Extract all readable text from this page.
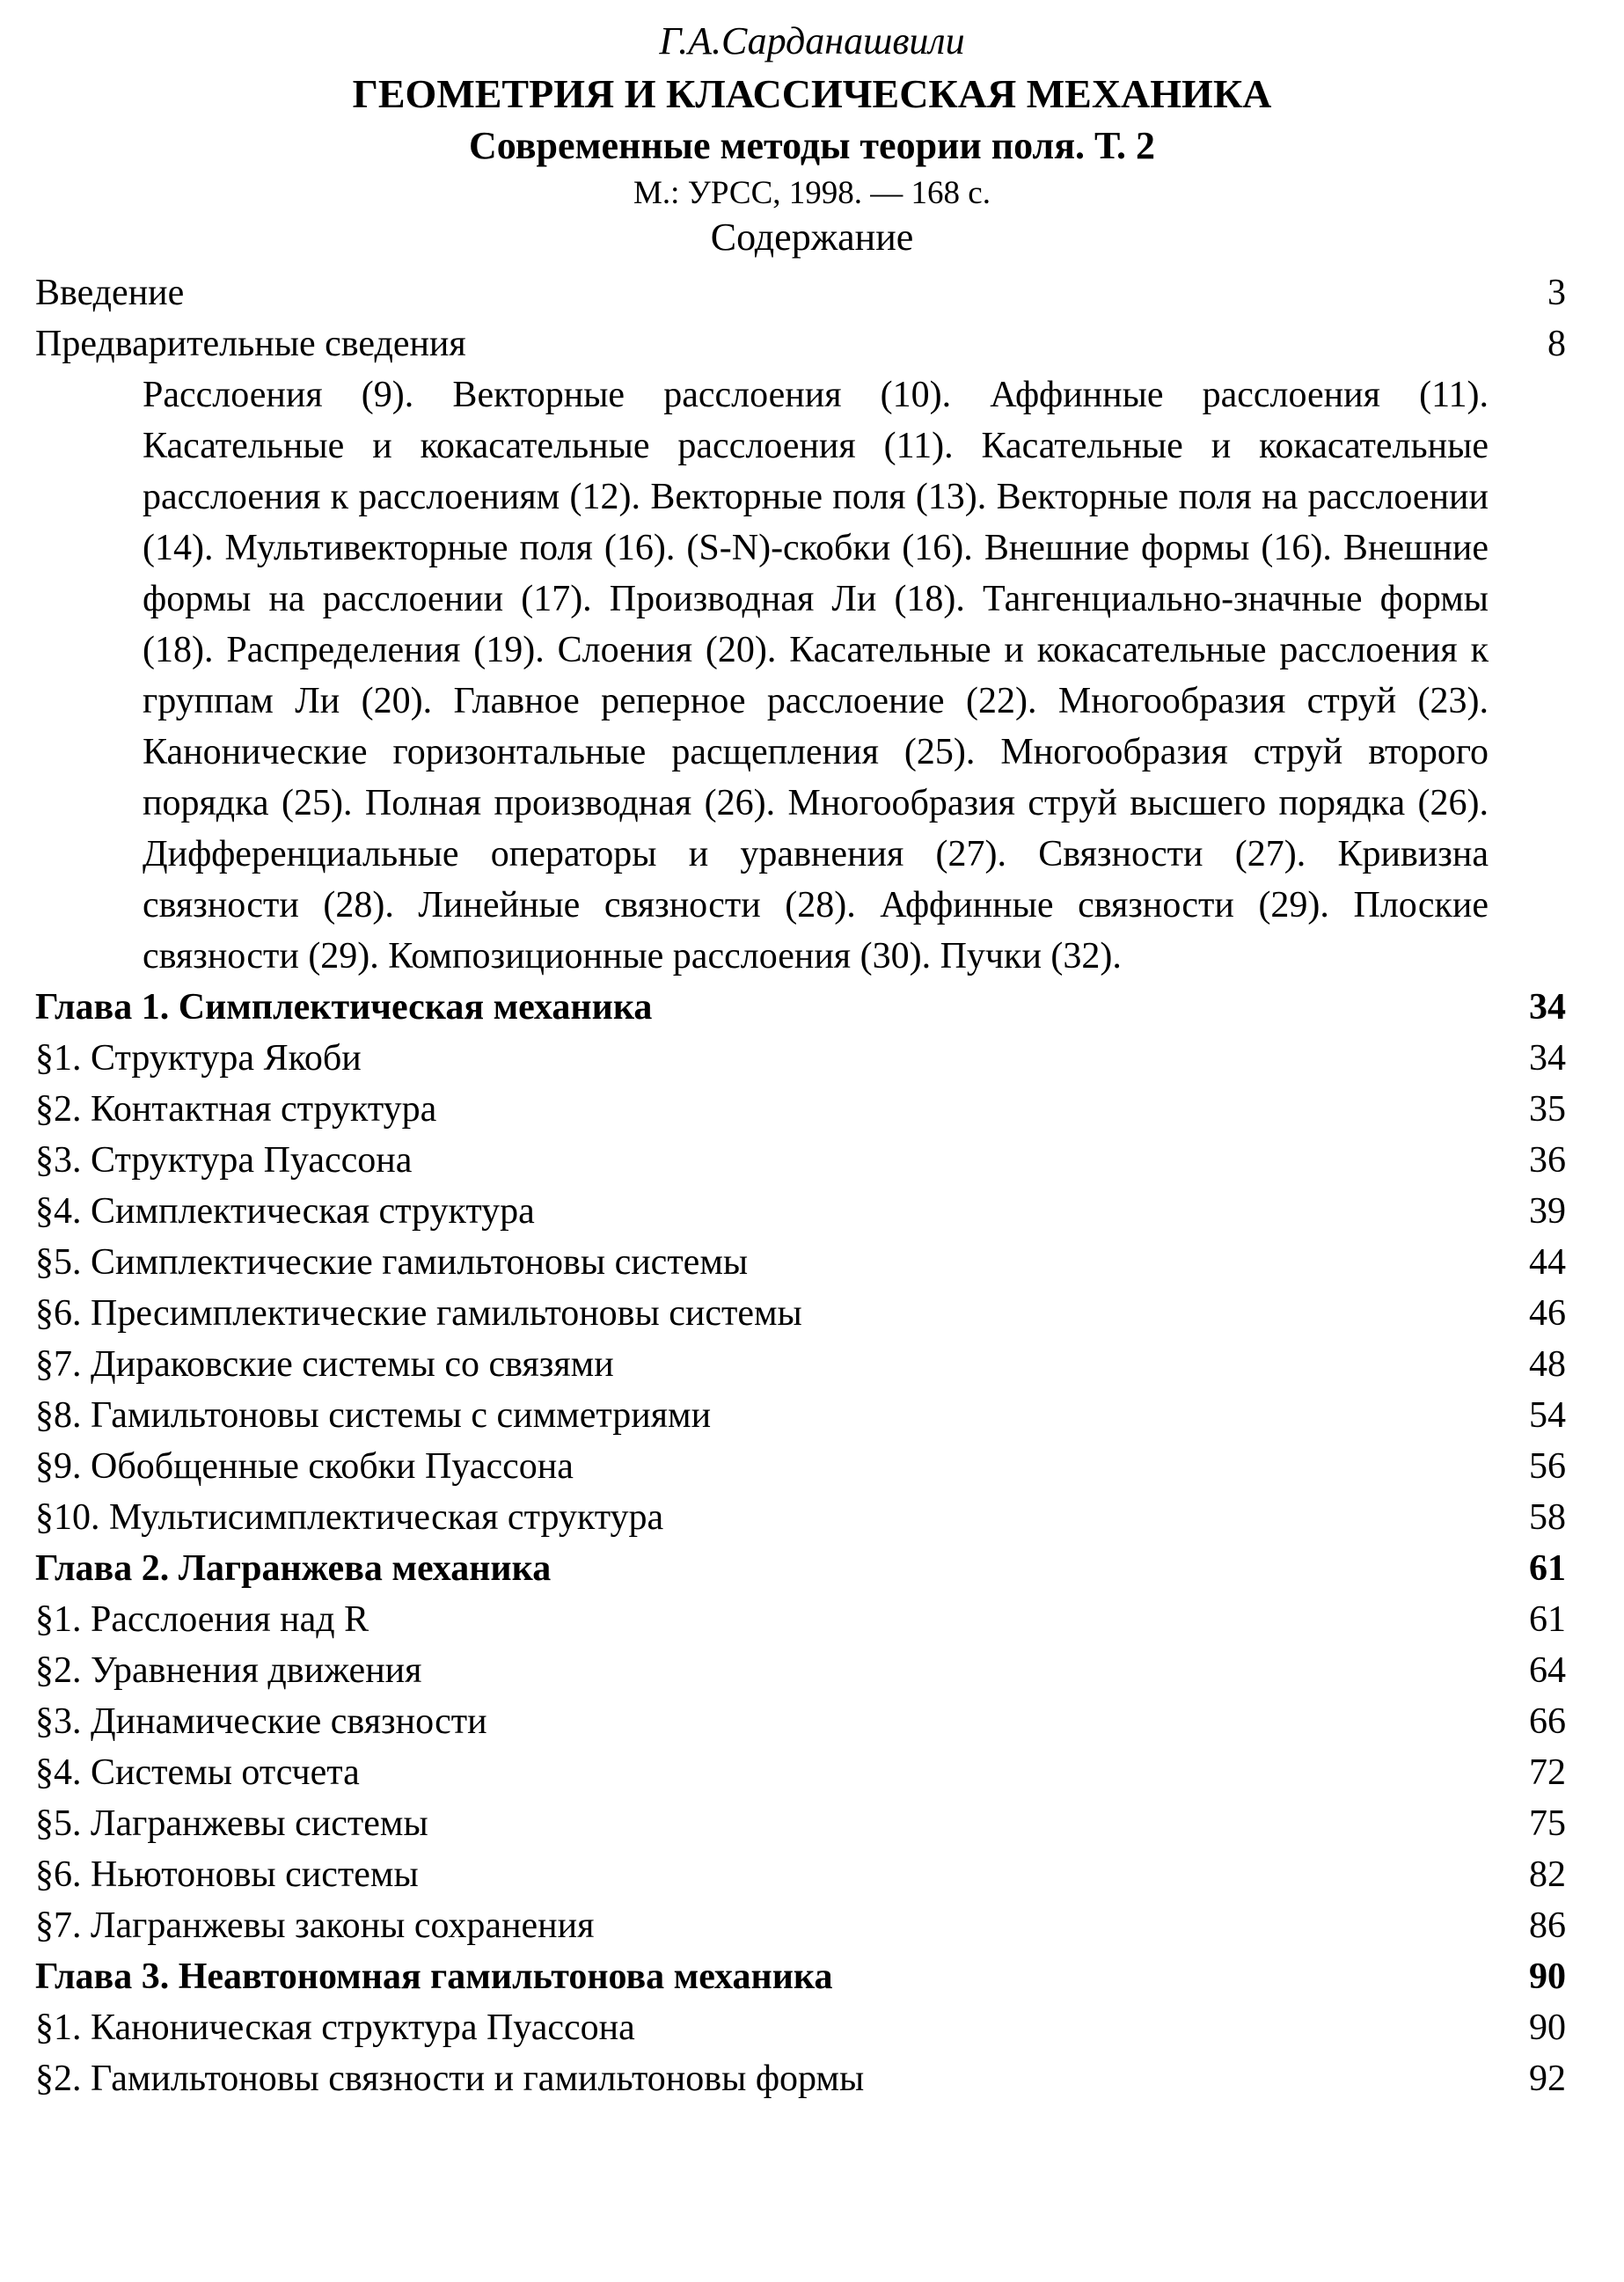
Г.А.Сарданашвили
ГЕОМЕТРИЯ И КЛАССИЧЕСКАЯ МЕХАНИКА
Современные методы теории поля. Т. 2
М.: УРСС, 1998. — 168 с.
Содержание
Введение	3
Предварительные сведения	8

Расслоения (9). Векторные расслоения (10). Аффинные расслоения (11). Касательные и кокасательные расслоения (11). Касательные и кокасательные расслоения к расслоениям (12). Векторные поля (13). Векторные поля на расслоении (14). Мультивекторные поля (16). (S-N)-скобки (16). Внешние формы (16). Внешние формы на расслоении (17). Производная Ли (18). Тангенциально-значные формы (18). Распределения (19). Слоения (20). Касательные и кокасательные расслоения к группам Ли (20). Главное реперное расслоение (22). Многообразия струй (23). Канонические горизонтальные расщепления (25). Многообразия струй второго порядка (25). Полная производная (26). Многообразия струй высшего порядка (26). Дифференциальные операторы и уравнения (27). Связности (27). Кривизна связности (28). Линейные связности (28). Аффинные связности (29). Плоские связности (29). Композиционные расслоения (30). Пучки (32).

Глава 1. Симплектическая механика	34
§1. Структура Якоби	34
§2. Контактная структура	35
§3. Структура Пуассона	36
§4. Симплектическая структура	39
§5. Симплектические гамильтоновы системы	44
§6. Пресимплектические гамильтоновы системы	46
§7. Дираковские системы со связями	48
§8. Гамильтоновы системы с симметриями	54
§9. Обобщенные скобки Пуассона	56
§10. Мультисимплектическая структура	58
Глава 2. Лагранжева механика	61
§1. Расслоения над R	61
§2. Уравнения движения	64
§3. Динамические связности	66
§4. Системы отсчета	72
§5. Лагранжевы системы	75
§6. Ньютоновы системы	82
§7. Лагранжевы законы сохранения	86
Глава 3. Неавтономная гамильтонова механика	90
§1. Каноническая структура Пуассона	90
§2. Гамильтоновы связности и гамильтоновы формы	92
